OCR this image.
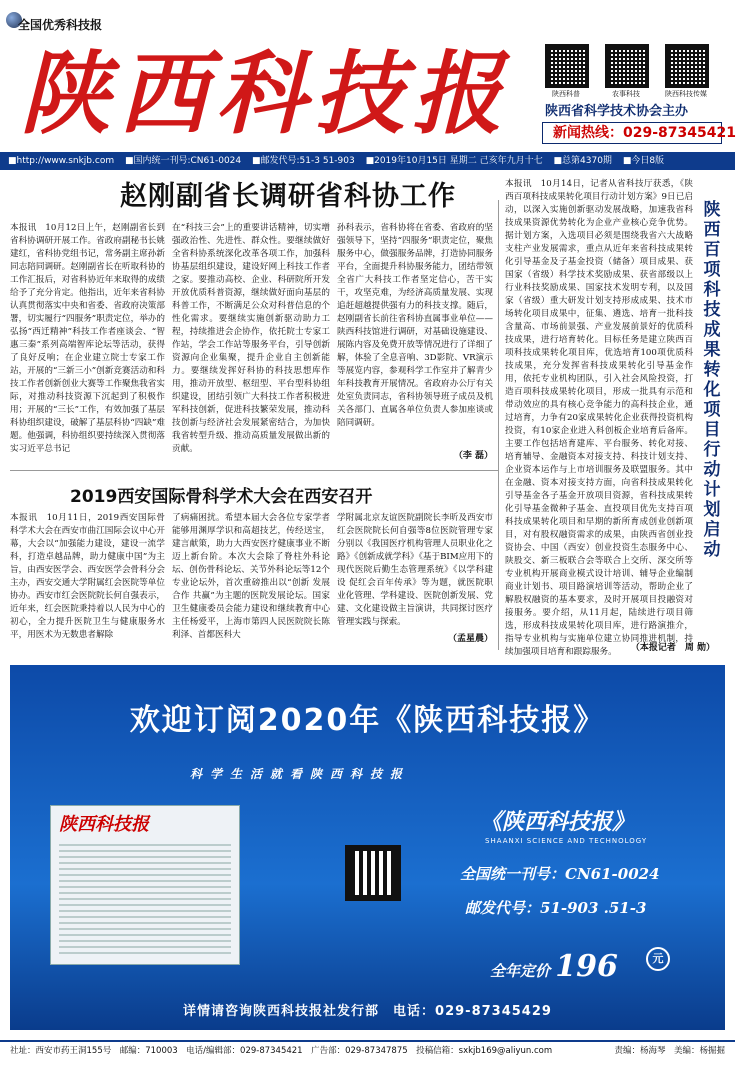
全国优秀科技报
陕西科技报	陕西科普	农事科技	陕西科技传媒
陕西省科学技术协会主办
新闻热线：029-87345421
■http://www.snkjb.com ■国内统一刊号:CN61-0024 ■邮发代号:51-3 51-903 ■2019年10月15日 星期二 己亥年九月十七 ■总第4370期 ■今日8版
赵刚副省长调研省科协工作
本报讯　10月12日上午，赵刚副省长到省科协调研开展工作。省政府副秘书长姚建红，省科协党组书记，常务副主席孙新同志陪同调研。赵刚副省长在听取科协的工作汇报后，对省科协近年来取得的成绩给予了充分肯定。他指出，近年来省科协认真贯彻落实中央和省委、省政府决策部署，切实履行“四服务”职责定位，举办的弘扬“西迁精神”科技工作者座谈会、“智惠三秦”系列高端智库论坛等活动，获得了良好反响；在企业建立院士专家工作站，开展的“三新三小”创新竞赛活动和科技工作者创新创业大赛等工作聚焦我省实际，对推动科技资源下沉起到了积极作用；开展的“三长”工作，有效加强了基层科协组织建设，破解了基层科协“四缺”难题。他强调，科协组织要持续深入贯彻落实习近平总书记
在“科技三会”上的重要讲话精神，切实增强政治性、先进性、群众性。要继续做好全省科协系统深化改革各项工作，加强科协基层组织建设，建设好网上科技工作者之家。要推动高校、企业、科研院所开发开放优质科普资源，继续做好面向基层的科普工作，不断满足公众对科普信息的个性化需求。要继续实施创新驱动助力工程，持续推进会企协作，依托院士专家工作站，学会工作站等服务平台，引导创新资源向企业集聚，提升企业自主创新能力。要继续发挥好科协的科技思想库作用，推动开放型、枢纽型、平台型科协组织建设，团结引领广大科技工作者积极进军科技创新，促进科技繁荣发展，推动科技创新与经济社会发展紧密结合，为加快我省转型升级、推动高质量发展做出新的贡献。
孙科表示，省科协将在省委、省政府的坚强领导下，坚持“四服务”职责定位，聚焦服务中心，做强服务品牌，打造协同服务平台，全面提升科协服务能力，团结带领全省广大科技工作者坚定信心，苦干实干，攻坚克难，为经济高质量发展、实现追赶超越提供强有力的科技支撑。随后，赵刚副省长前往省科协直属事业单位——陕西科技馆进行调研，对基础设施建设、展陈内容及免费开放等情况进行了详细了解，体验了全息音响、3D影院、VR演示等展览内容，参观科学工作室并了解青少年科技教育开展情况。省政府办公厅有关处室负责同志，省科协领导班子成员及机关各部门、直属各单位负责人参加座谈或陪同调研。
（李 磊）
2019西安国际骨科学术大会在西安召开
本报讯　10月11日，2019西安国际骨科学术大会在西安市曲江国际会议中心开幕，大会以“加强能力建设，建设一流学科，打造卓越品牌，助力健康中国”为主旨，由西安医学会、西安医学会骨科分会主办，西安交通大学附属红会医院等单位协办。西安市红会医院院长何自强表示，近年来，红会医院秉持着以人民为中心的初心，全力提升医院卫生与健康服务水平，用医术为无数患者解除
了病痛困扰。希望本届大会各位专家学者能够用渊厚学识和高超技艺，传经送宝，建言献策，助力大西安医疗健康事业不断迈上新台阶。本次大会除了脊柱外科论坛、创伤骨科论坛、关节外科论坛等12个专业论坛外，首次重磅推出以“创新 发展 合作 共赢”为主题的医院发展论坛。国家卫生健康委员会能力建设和继续教育中心主任杨爱平，上海市第四人民医院院长陈利泽、首都医科大
学附属北京友谊医院副院长李昕及西安市红会医院院长何自强等8位医院管理专家分别以《我国医疗机构管理人员职业化之路》《创新成就学科》《基于BIM应用下的现代医院后勤生态管理系统》《以学科建设 促红会百年传承》等为题，就医院职业化管理、学科建设、医院创新发展、党建、文化建设做主旨演讲，共同探讨医疗管理实践与探索。
（孟星晨）
本报讯　10月14日，记者从省科技厅获悉，《陕西百项科技成果转化项目行动计划方案》9日已启动，以深入实施创新驱动发展战略，加速我省科技成果资源优势转化为企业产业核心竞争优势。据计划方案，入选项目必须是围绕我省六大战略支柱产业发展需求，重点从近年来省科技成果转化引导基金及子基金投资（储备）项目成果、获国家（省级）科学技术奖励成果、获省部级以上行业科技奖励成果、国家技术发明专利，以及国家（省级）重大研发计划支持形成成果、技术市场转化项目成果中，征集、遴选、培育一批科技含量高、市场前景强、产业发展前景好的优质科技成果，进行培育转化。目标任务是建立陕西百项科技成果转化项目库，优选培育100项优质科技成果，充分发挥省科技成果转化引导基金作用，依托专业机构团队，引入社会风险投资，打造百项科技成果转化项目，形成一批具有示范和带动效应的具有核心竞争能力的高科技企业，通过培育，力争有20家成果转化企业获得投资机构投资，有10家企业进入科创板企业培育后备库。主要工作包括培育建库、平台服务、转化对接、培育辅导、金融资本对接支持、科技计划支持、企业资本运作与上市培训服务及联盟服务。其中在金融、资本对接支持方面，向省科技成果转化引导基金各子基金开放项目资源，省科技成果转化引导基金微种子基金、直投项目优先支持百项科技成果转化项目和早期的新所育成创业创新项目，对有股权融资需求的成果，由陕西省创业投资协会、中国（西安）创业投资生态服务中心、陕股交、新三板联合会等联合上交所、深交所等专业机构开展商业模式设计培训、辅导企业编制商业计划书、项目路演培训等活动，帮助企业了解股权融资的基本要求，及时开展项目投融资对接服务。要介绍，从11月起，陆续进行项目筛选，形成科技成果转化项目库，进行路演推介，指导专业机构与实施单位建立协同推进机制，持续加强项目培育和跟踪服务。	（本报记者　周 勋）
陕西百项科技成果转化项目行动计划启动
欢迎订阅2020年《陕西科技报》
科学生活就看陕西科技报
陕西科技报	《陕西科技报》
SHAANXI SCIENCE AND TECHNOLOGY
全国统一刊号：CN61-0024
邮发代号：51-903 .51-3
全年定价 196	元
详情请咨询陕西科技报社发行部　电话：029-87345429
社址：西安市药王洞155号　邮编：710003　电话/编辑部：029-87345421　广告部：029-87347875　投稿信箱：sxkjb169@aliyun.com	责编：杨海琴　美编：杨掘掘
